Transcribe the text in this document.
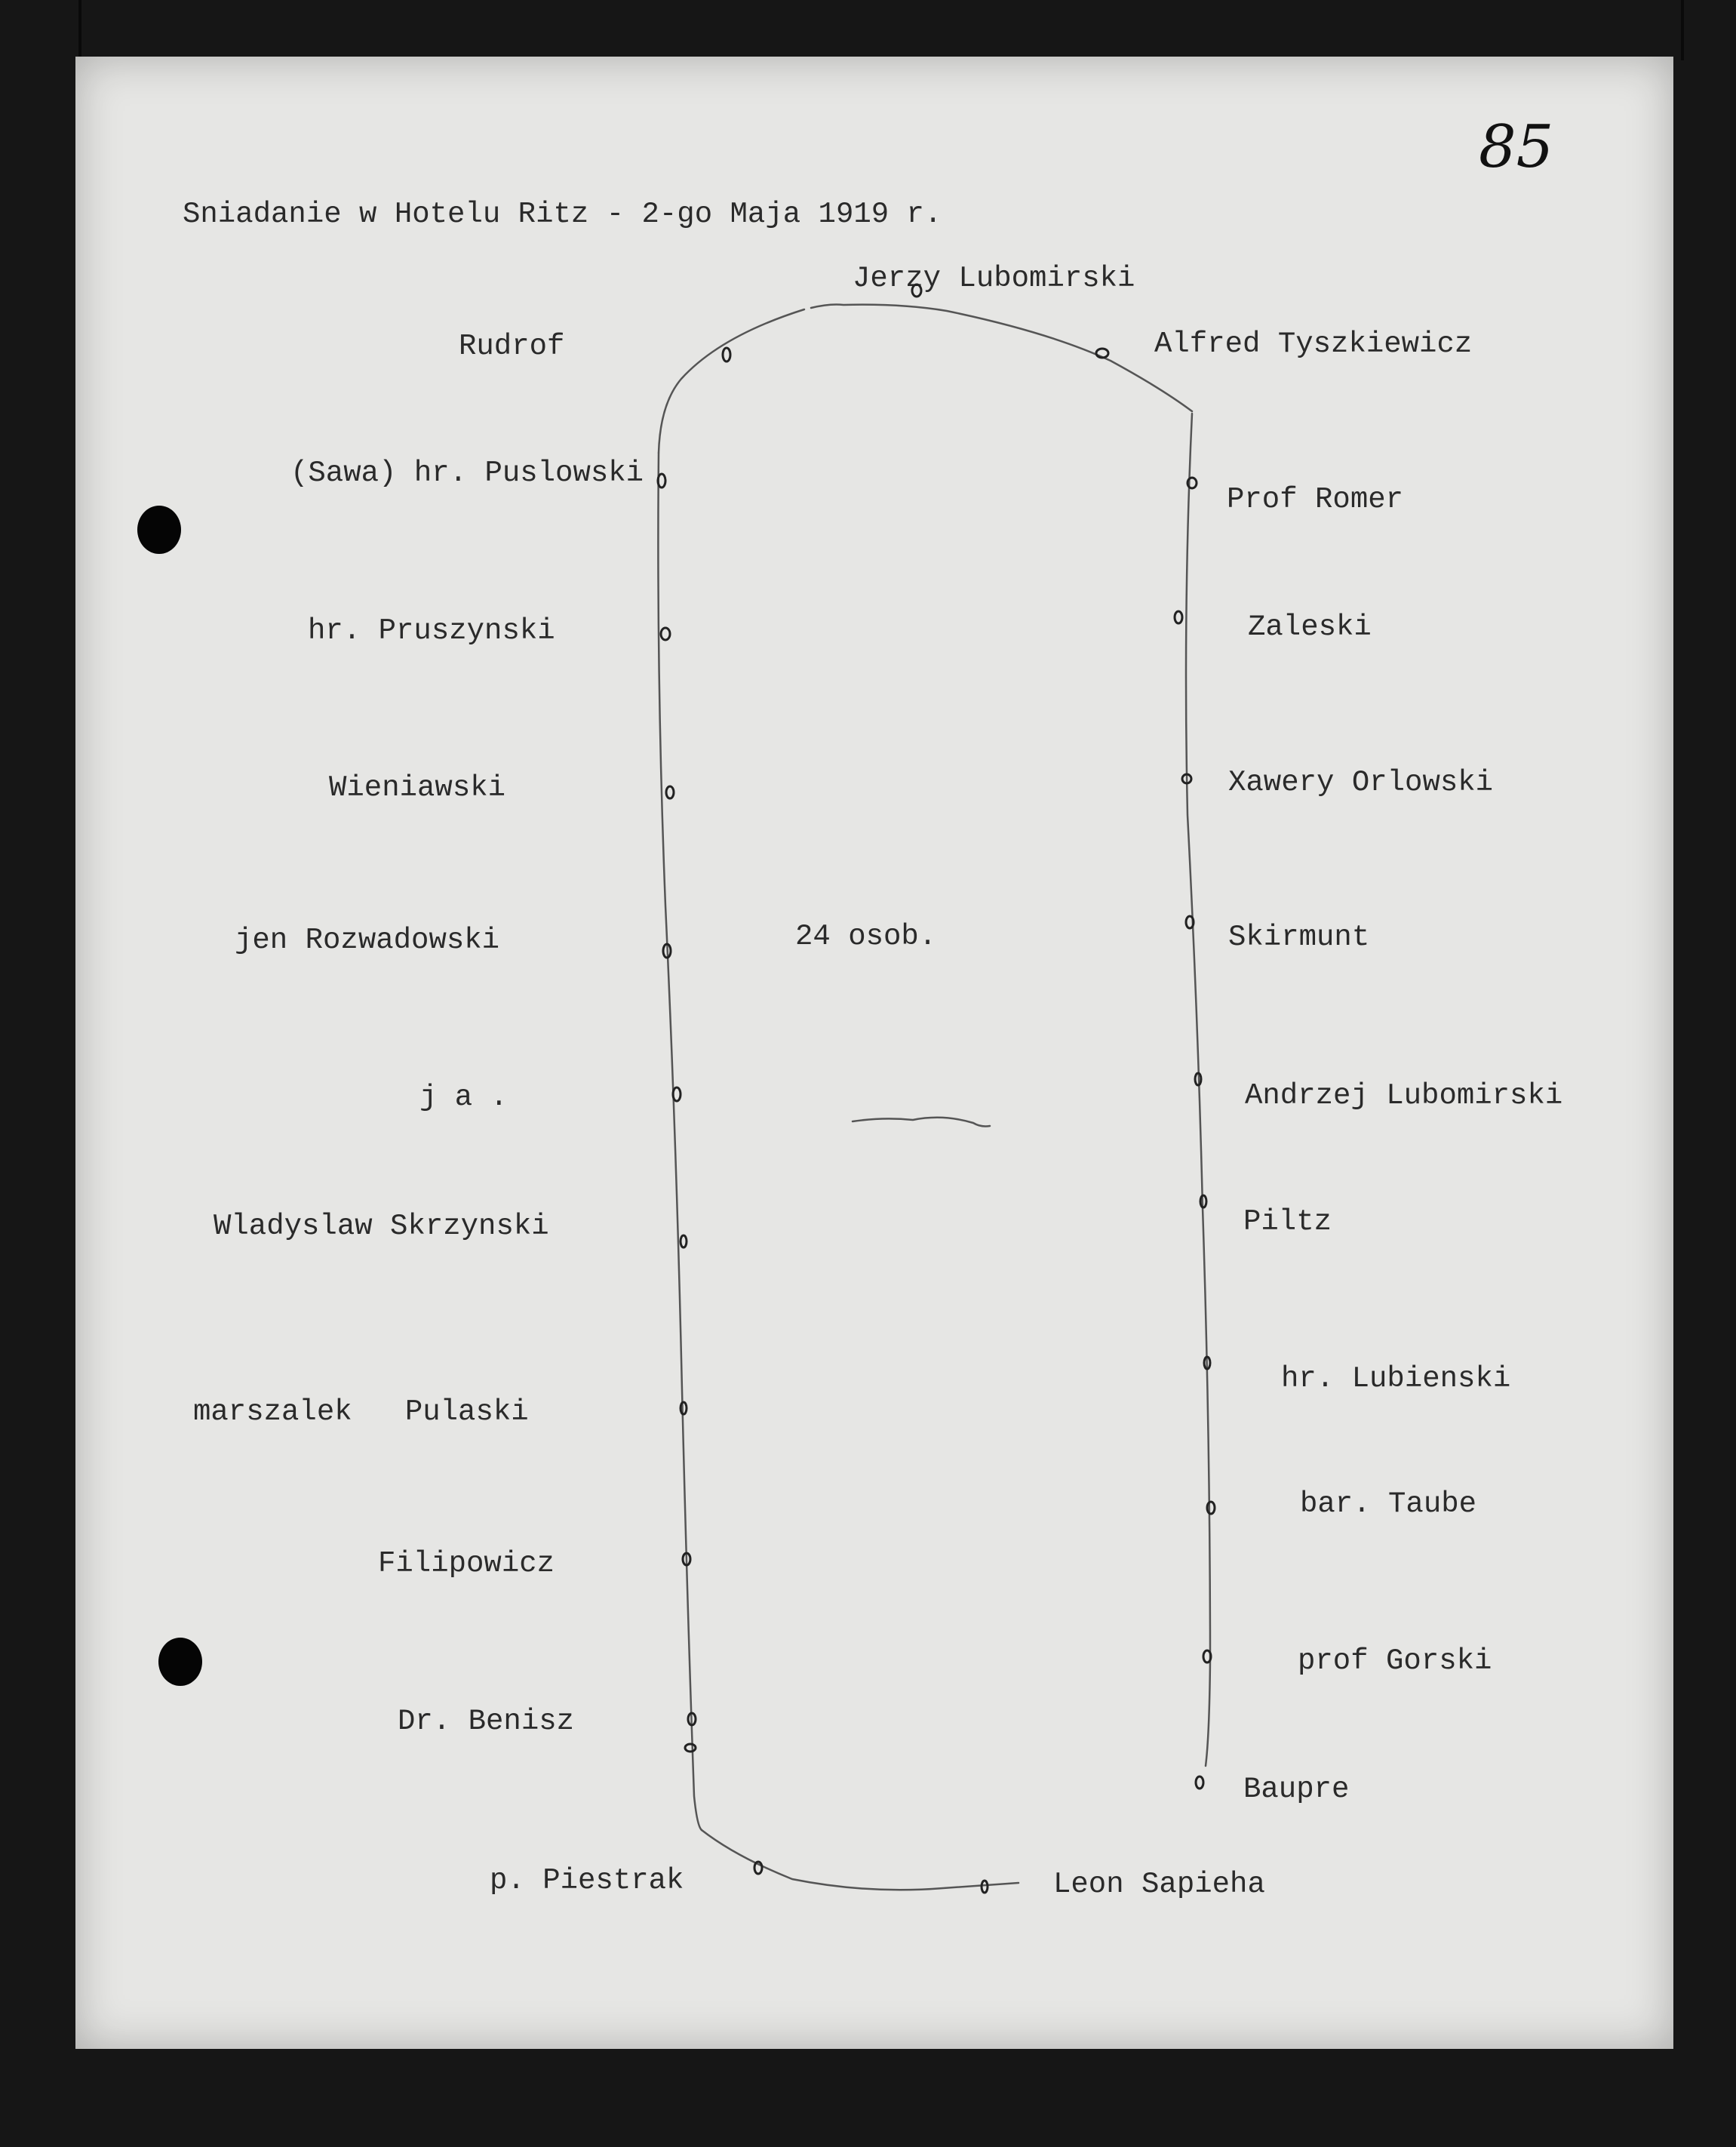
85
Sniadanie w Hotelu Ritz - 2-go Maja 1919 r.
Jerzy Lubomirski
Rudrof
(Sawa) hr. Puslowski
hr. Pruszynski
Wieniawski
jen Rozwadowski
j a .
Wladyslaw Skrzynski
marszalek   Pulaski
Filipowicz
Dr. Benisz
p. Piestrak
Alfred Tyszkiewicz
Prof Romer
Zaleski
Xawery Orlowski
Skirmunt
Andrzej Lubomirski
Piltz
hr. Lubienski
bar. Taube
prof Gorski
Baupre
Leon Sapieha
24 osob.
